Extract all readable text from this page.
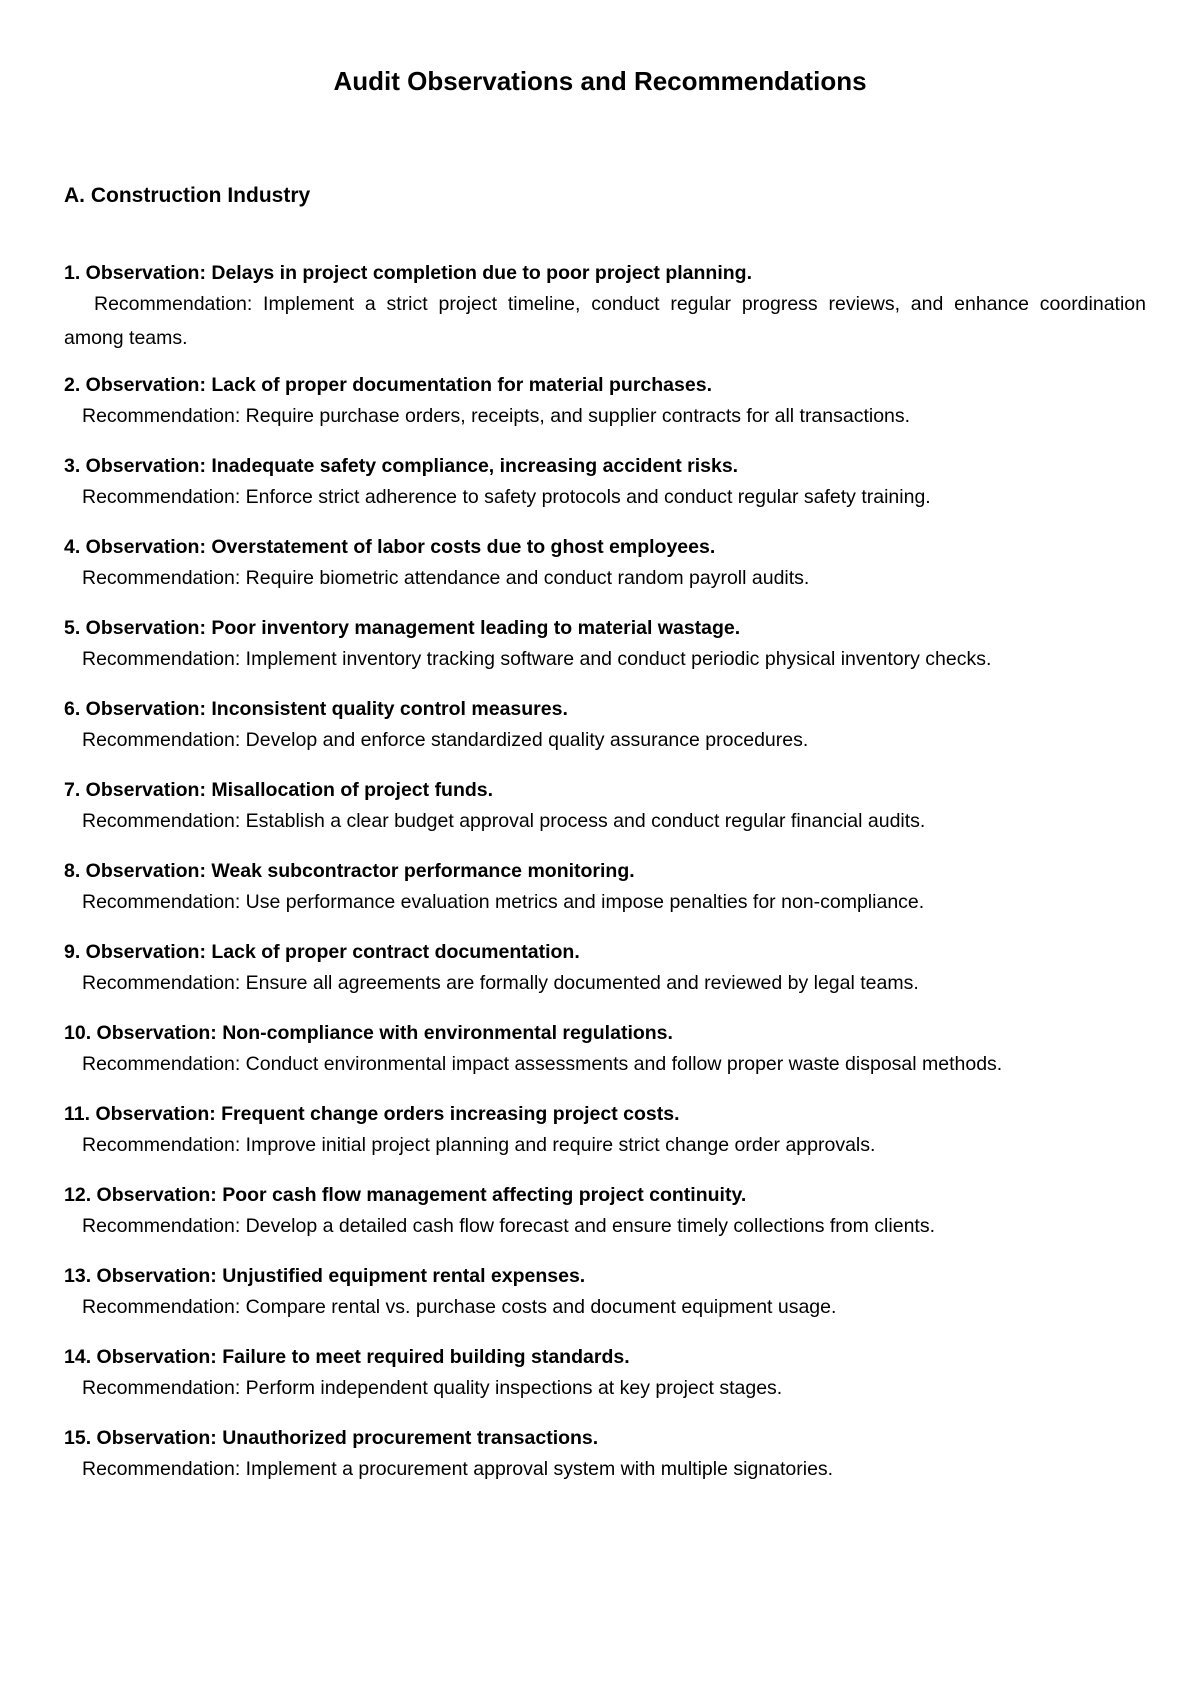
Audit Observations and Recommendations
A. Construction Industry

1. Observation: Delays in project completion due to poor project planning.

Recommendation: Implement a strict project timeline, conduct regular progress reviews, and enhance coordination among teams.

2. Observation: Lack of proper documentation for material purchases.

Recommendation: Require purchase orders, receipts, and supplier contracts for all transactions.

3. Observation: Inadequate safety compliance, increasing accident risks.

Recommendation: Enforce strict adherence to safety protocols and conduct regular safety training.

4. Observation: Overstatement of labor costs due to ghost employees.

Recommendation: Require biometric attendance and conduct random payroll audits.

5. Observation: Poor inventory management leading to material wastage.

Recommendation: Implement inventory tracking software and conduct periodic physical inventory checks.

6. Observation: Inconsistent quality control measures.

Recommendation: Develop and enforce standardized quality assurance procedures.

7. Observation: Misallocation of project funds.

Recommendation: Establish a clear budget approval process and conduct regular financial audits.

8. Observation: Weak subcontractor performance monitoring.

Recommendation: Use performance evaluation metrics and impose penalties for non-compliance.

9. Observation: Lack of proper contract documentation.

Recommendation: Ensure all agreements are formally documented and reviewed by legal teams.

10. Observation: Non-compliance with environmental regulations.

Recommendation: Conduct environmental impact assessments and follow proper waste disposal methods.

11. Observation: Frequent change orders increasing project costs.

Recommendation: Improve initial project planning and require strict change order approvals.

12. Observation: Poor cash flow management affecting project continuity.

Recommendation: Develop a detailed cash flow forecast and ensure timely collections from clients.

13. Observation: Unjustified equipment rental expenses.

Recommendation: Compare rental vs. purchase costs and document equipment usage.

14. Observation: Failure to meet required building standards.

Recommendation: Perform independent quality inspections at key project stages.

15. Observation: Unauthorized procurement transactions.

Recommendation: Implement a procurement approval system with multiple signatories.
